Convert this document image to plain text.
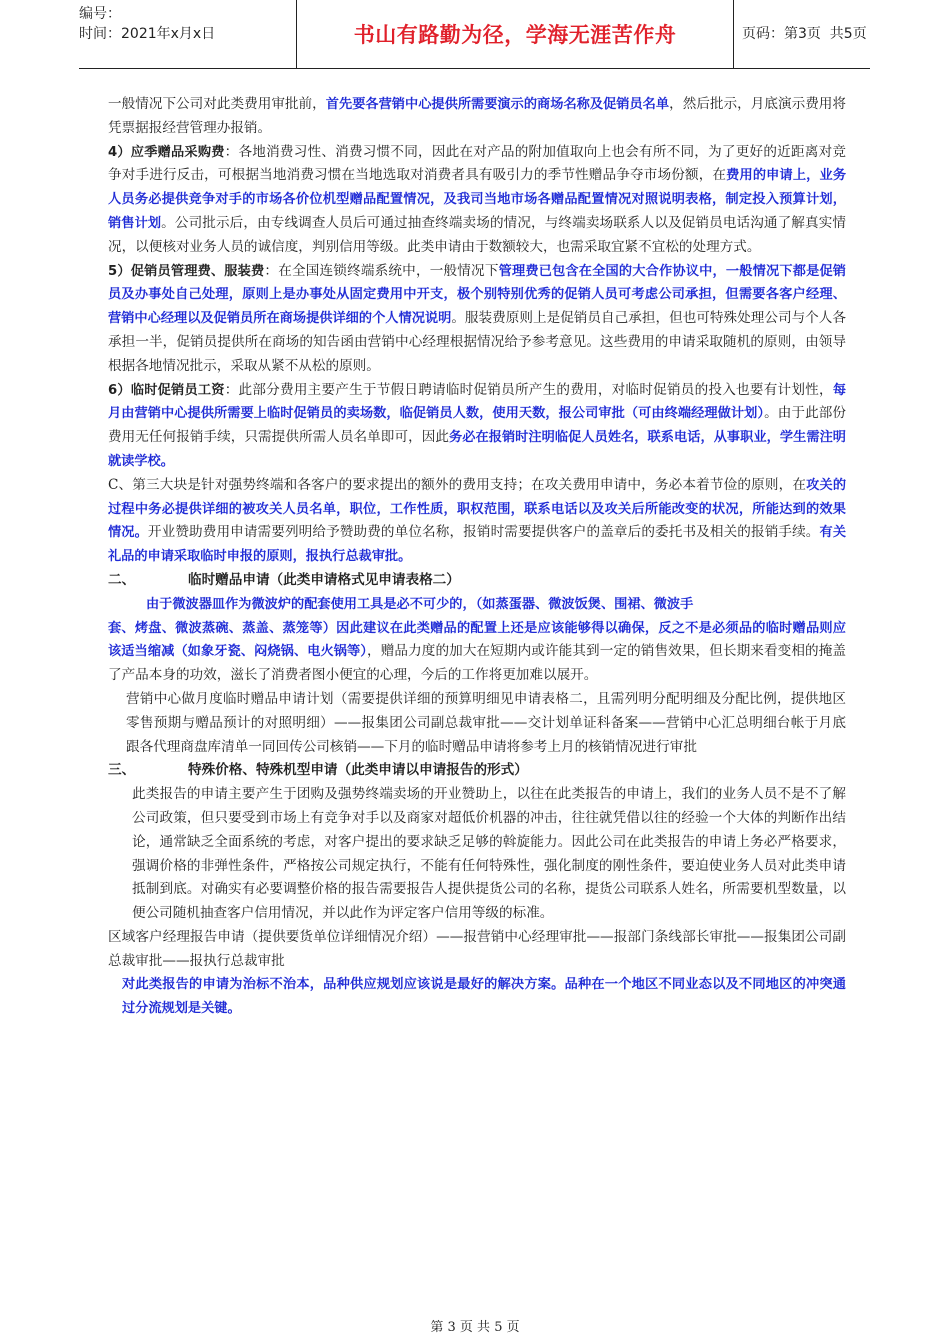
编号：
时间：2021年x月x日	书山有路勤为径，学海无涯苦作舟	页码：第3页  共5页

一般情况下公司对此类费用审批前，首先要各营销中心提供所需要演示的商场名称及促销员名单，然后批示，月底演示费用将凭票据报经营管理办报销。

4）应季赠品采购费：各地消费习性、消费习惯不同，因此在对产品的附加值取向上也会有所不同，为了更好的近距离对竞争对手进行反击，可根据当地消费习惯在当地选取对消费者具有吸引力的季节性赠品争夺市场份额，在费用的申请上，业务人员务必提供竞争对手的市场各价位机型赠品配置情况，及我司当地市场各赠品配置情况对照说明表格，制定投入预算计划，销售计划。公司批示后，由专线调查人员后可通过抽查终端卖场的情况，与终端卖场联系人以及促销员电话沟通了解真实情况，以便核对业务人员的诚信度，判别信用等级。此类申请由于数额较大，也需采取宜紧不宜松的处理方式。

5）促销员管理费、服装费：在全国连锁终端系统中，一般情况下管理费已包含在全国的大合作协议中，一般情况下都是促销员及办事处自己处理，原则上是办事处从固定费用中开支，极个别特别优秀的促销人员可考虑公司承担，但需要各客户经理、营销中心经理以及促销员所在商场提供详细的个人情况说明。服装费原则上是促销员自己承担，但也可特殊处理公司与个人各承担一半，促销员提供所在商场的知告函由营销中心经理根据情况给予参考意见。这些费用的申请采取随机的原则，由领导根据各地情况批示，采取从紧不从松的原则。

6）临时促销员工资：此部分费用主要产生于节假日聘请临时促销员所产生的费用，对临时促销员的投入也要有计划性，每月由营销中心提供所需要上临时促销员的卖场数，临促销员人数，使用天数，报公司审批（可由终端经理做计划）。由于此部份费用无任何报销手续，只需提供所需人员名单即可，因此务必在报销时注明临促人员姓名，联系电话，从事职业，学生需注明就读学校。

C、第三大块是针对强势终端和各客户的要求提出的额外的费用支持；在攻关费用申请中，务必本着节俭的原则，在攻关的过程中务必提供详细的被攻关人员名单，职位，工作性质，职权范围，联系电话以及攻关后所能改变的状况，所能达到的效果情况。开业赞助费用申请需要列明给予赞助费的单位名称，报销时需要提供客户的盖章后的委托书及相关的报销手续。有关礼品的申请采取临时申报的原则，报执行总裁审批。

二、	临时赠品申请（此类申请格式见申请表格二）

由于微波器皿作为微波炉的配套使用工具是必不可少的，（如蒸蛋器、微波饭煲、围裙、微波手

套、烤盘、微波蒸碗、蒸盖、蒸笼等）因此建议在此类赠品的配置上还是应该能够得以确保，反之不是必须品的临时赠品则应该适当缩减（如象牙瓷、闷烧锅、电火锅等），赠品力度的加大在短期内或许能其到一定的销售效果，但长期来看变相的掩盖了产品本身的功效，滋长了消费者图小便宜的心理，今后的工作将更加难以展开。

营销中心做月度临时赠品申请计划（需要提供详细的预算明细见申请表格二，且需列明分配明细及分配比例，提供地区零售预期与赠品预计的对照明细）——报集团公司副总裁审批——交计划单证科备案——营销中心汇总明细台帐于月底跟各代理商盘库清单一同回传公司核销——下月的临时赠品申请将参考上月的核销情况进行审批

三、	特殊价格、特殊机型申请（此类申请以申请报告的形式）

此类报告的申请主要产生于团购及强势终端卖场的开业赞助上，以往在此类报告的申请上，我们的业务人员不是不了解公司政策，但只要受到市场上有竞争对手以及商家对超低价机器的冲击，往往就凭借以往的经验一个大体的判断作出结论，通常缺乏全面系统的考虑，对客户提出的要求缺乏足够的斡旋能力。因此公司在此类报告的申请上务必严格要求，强调价格的非弹性条件，严格按公司规定执行，不能有任何特殊性，强化制度的刚性条件，要迫使业务人员对此类申请抵制到底。对确实有必要调整价格的报告需要报告人提供提货公司的名称，提货公司联系人姓名，所需要机型数量，以便公司随机抽查客户信用情况，并以此作为评定客户信用等级的标准。

区域客户经理报告申请（提供要货单位详细情况介绍）——报营销中心经理审批——报部门条线部长审批——报集团公司副总裁审批——报执行总裁审批

对此类报告的申请为治标不治本，品种供应规划应该说是最好的解决方案。品种在一个地区不同业态以及不同地区的冲突通过分流规划是关键。

第 3 页 共 5 页
